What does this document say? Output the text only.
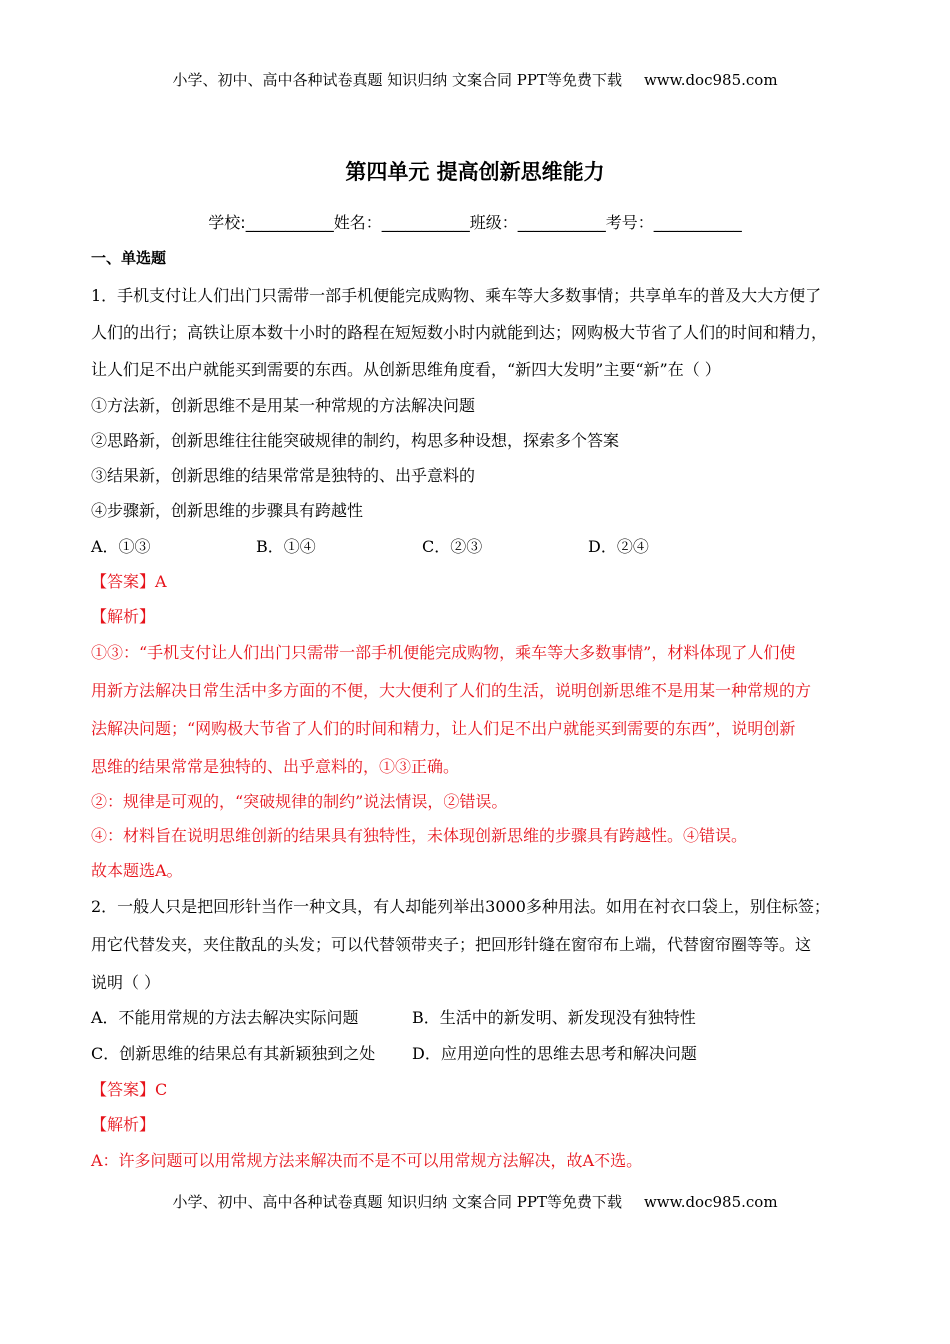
小学、初中、高中各种试卷真题 知识归纳 文案合同 PPT等免费下载 www.doc985.com
第四单元 提高创新思维能力
学校:___________姓名：___________班级：___________考号：___________
一、单选题
1．手机支付让人们出门只需带一部手机便能完成购物、乘车等大多数事情；共享单车的普及大大方便了
人们的出行；高铁让原本数十小时的路程在短短数小时内就能到达；网购极大节省了人们的时间和精力，
让人们足不出户就能买到需要的东西。从创新思维角度看，“新四大发明”主要“新”在（ ）
①方法新，创新思维不是用某一种常规的方法解决问题
②思路新，创新思维往往能突破规律的制约，构思多种设想，探索多个答案
③结果新，创新思维的结果常常是独特的、出乎意料的
④步骤新，创新思维的步骤具有跨越性
A．①③	B．①④	C．②③	D．②④
【答案】A
【解析】
①③：“手机支付让人们出门只需带一部手机便能完成购物，乘车等大多数事情”，材料体现了人们使
用新方法解决日常生活中多方面的不便，大大便利了人们的生活，说明创新思维不是用某一种常规的方
法解决问题；“网购极大节省了人们的时间和精力，让人们足不出户就能买到需要的东西”，说明创新
思维的结果常常是独特的、出乎意料的，①③正确。
②：规律是可观的，“突破规律的制约”说法情误，②错误。
④：材料旨在说明思维创新的结果具有独特性，未体现创新思维的步骤具有跨越性。④错误。
故本题选A。
2．一般人只是把回形针当作一种文具，有人却能列举出3000多种用法。如用在衬衣口袋上，别住标签；
用它代替发夹，夹住散乱的头发；可以代替领带夹子；把回形针缝在窗帘布上端，代替窗帘圈等等。这
说明（ ）
A．不能用常规的方法去解决实际问题	B．生活中的新发明、新发现没有独特性
C．创新思维的结果总有其新颖独到之处 D．应用逆向性的思维去思考和解决问题
【答案】C
【解析】
A：许多问题可以用常规方法来解决而不是不可以用常规方法解决，故A不选。
小学、初中、高中各种试卷真题 知识归纳 文案合同 PPT等免费下载 www.doc985.com
